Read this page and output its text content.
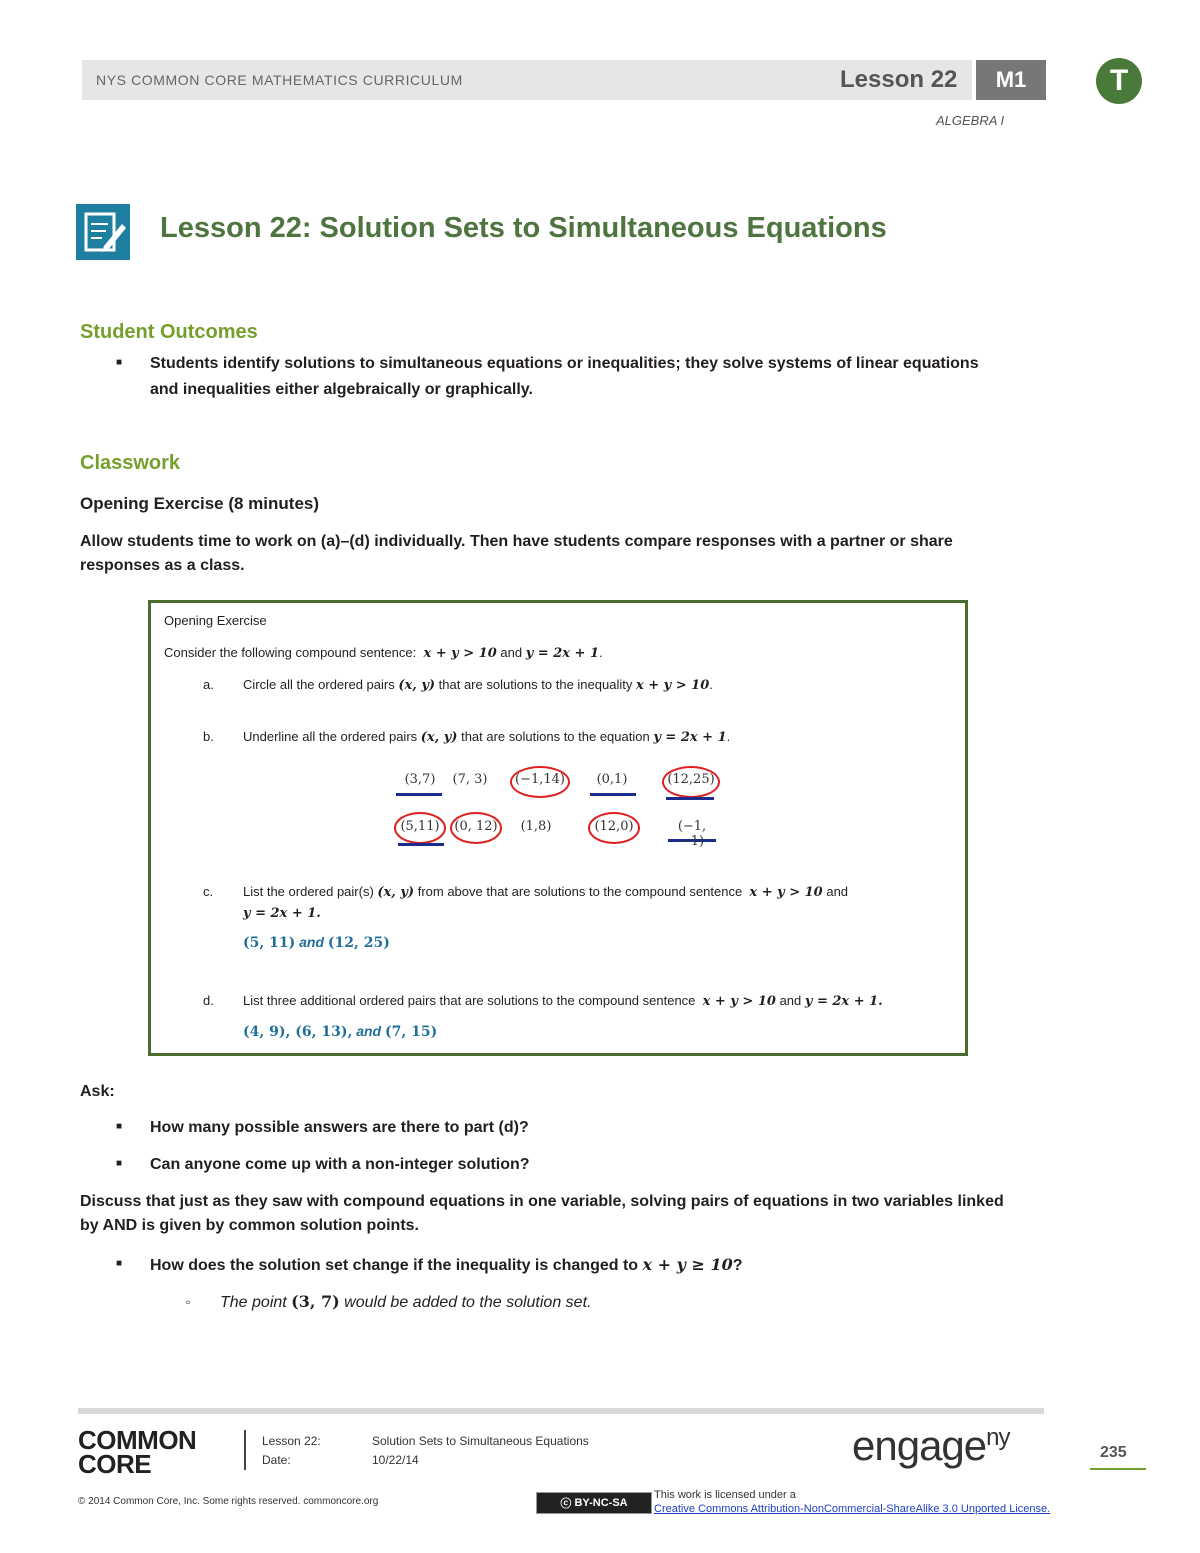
NYS COMMON CORE MATHEMATICS CURRICULUM	Lesson 22	M1	T
ALGEBRA I
Lesson 22: Solution Sets to Simultaneous Equations
Student Outcomes
■ Students identify solutions to simultaneous equations or inequalities; they solve systems of linear equations
and inequalities either algebraically or graphically.
Classwork
Opening Exercise (8 minutes)
Allow students time to work on (a)–(d) individually. Then have students compare responses with a partner or share
responses as a class.
Opening Exercise
Consider the following compound sentence: x + y > 10 and y = 2x + 1.
a. Circle all the ordered pairs (x, y) that are solutions to the inequality x + y > 10.
b. Underline all the ordered pairs (x, y) that are solutions to the equation y = 2x + 1.
(3,7)	(7, 3)	(−1,14)	(0,1)	(12,25)
(5,11)	(0, 12)	(1,8)	(12,0)	(−1, −1)
c. List the ordered pair(s) (x, y) from above that are solutions to the compound sentence x + y > 10 and
y = 2x + 1.
(5, 11) and (12, 25)
d. List three additional ordered pairs that are solutions to the compound sentence x + y > 10 and y = 2x + 1.
(4, 9), (6, 13), and (7, 15)
Ask:
■ How many possible answers are there to part (d)?
■ Can anyone come up with a non-integer solution?
Discuss that just as they saw with compound equations in one variable, solving pairs of equations in two variables linked
by AND is given by common solution points.
■ How does the solution set change if the inequality is changed to x + y ≥ 10?
▫ The point (3, 7) would be added to the solution set.
COMMON
CORE
Lesson 22:	Solution Sets to Simultaneous Equations
Date:	10/22/14
© 2014 Common Core, Inc. Some rights reserved. commoncore.org	ⓒ BY-NC-SA
This work is licensed under a
Creative Commons Attribution-NonCommercial-ShareAlike 3.0 Unported License.
engage$^{ny}$
235
